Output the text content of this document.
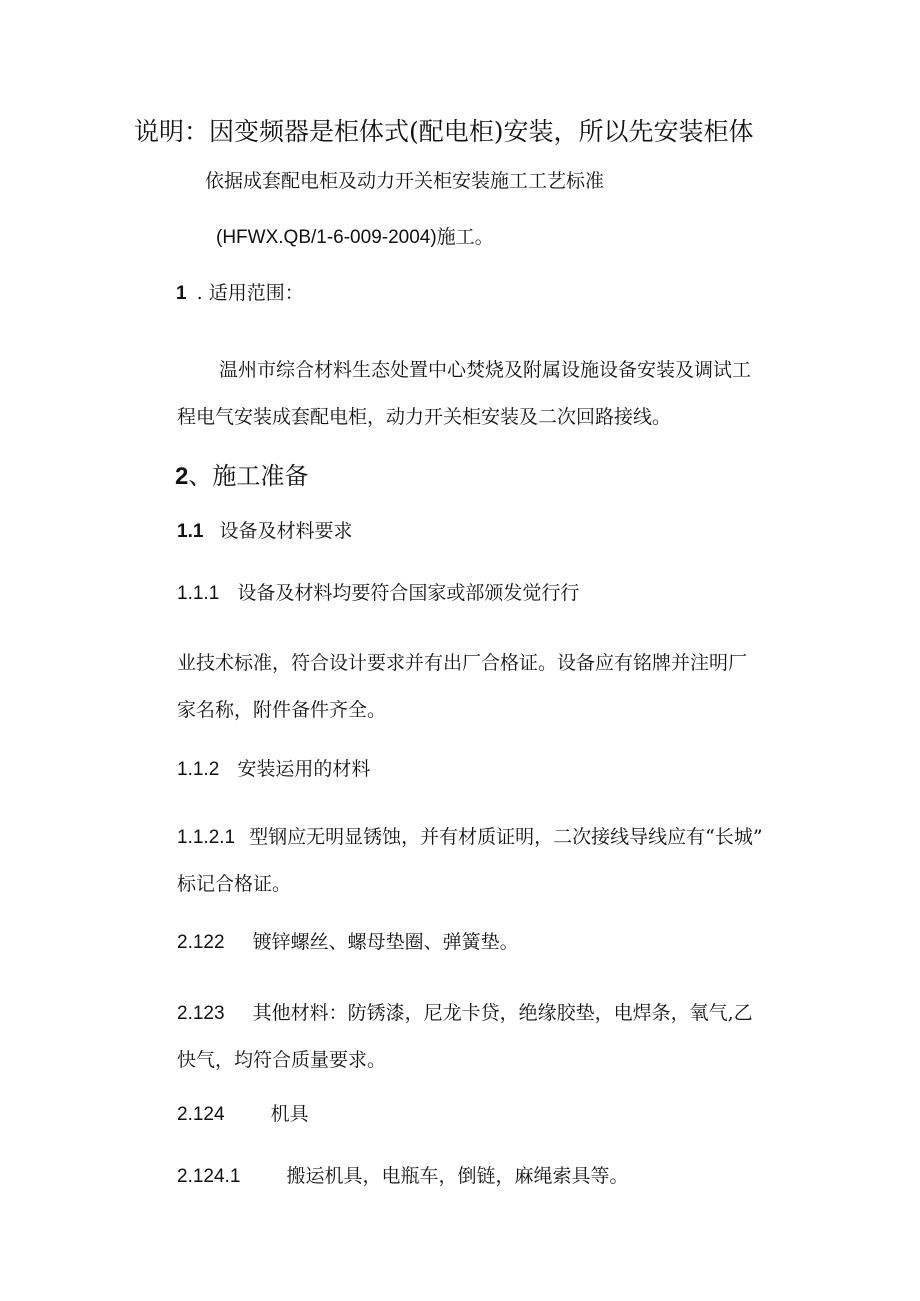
说明：因变频器是柜体式(配电柜)安装，所以先安装柜体
依据成套配电柜及动力开关柜安装施工工艺标准
(HFWX.QB/1-6-009-2004)施工。
1 . 适用范围：
温州市综合材料生态处置中心焚烧及附属设施设备安装及调试工
程电气安装成套配电柜，动力开关柜安装及二次回路接线。
2、施工准备
1.1 设备及材料要求
1.1.1 设备及材料均要符合国家或部颁发觉行行
业技术标准，符合设计要求并有出厂合格证。设备应有铭牌并注明厂
家名称，附件备件齐全。
1.1.2 安装运用的材料
1.1.2.1 型钢应无明显锈蚀，并有材质证明，二次接线导线应有“长城”
标记合格证。
2.122 镀锌螺丝、螺母垫圈、弹簧垫。
2.123 其他材料：防锈漆，尼龙卡贷，绝缘胶垫，电焊条，氧气,乙
快气，均符合质量要求。
2.124 机具
2.124.1 搬运机具，电瓶车，倒链，麻绳索具等。
